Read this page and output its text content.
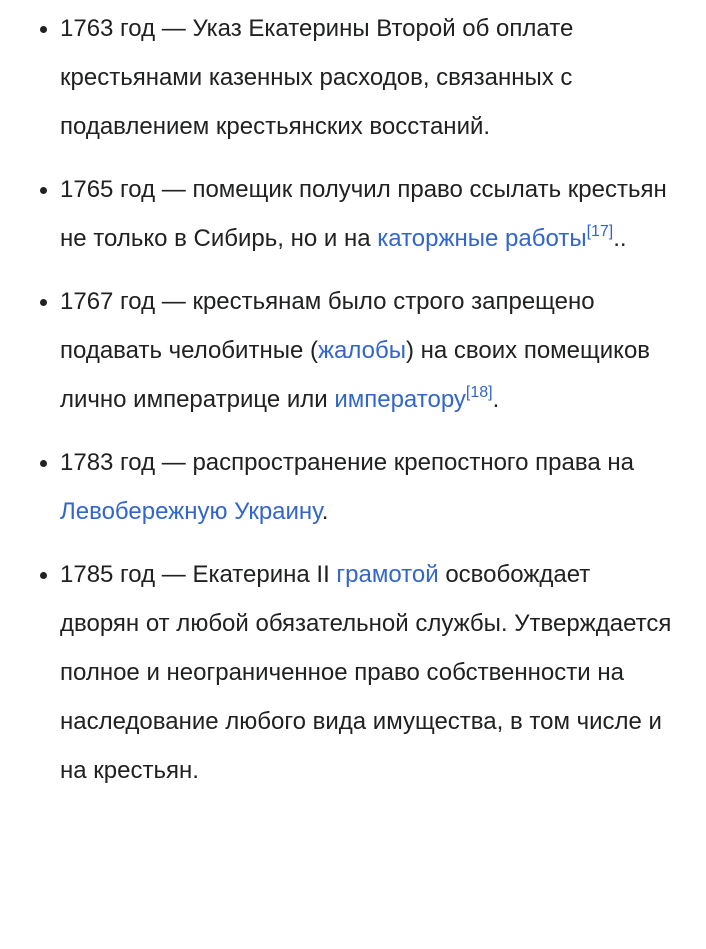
• 1763 год — Указ Екатерины Второй об оплате крестьянами казенных расходов, связанных с подавлением крестьянских восстаний.
• 1765 год — помещик получил право ссылать крестьян не только в Сибирь, но и на каторжные работы[17]..
• 1767 год — крестьянам было строго запрещено подавать челобитные (жалобы) на своих помещиков лично императрице или императору[18].
• 1783 год — распространение крепостного права на Левобережную Украину.
• 1785 год — Екатерина II грамотой освобождает дворян от любой обязательной службы. Утверждается полное и неограниченное право собственности на наследование любого вида имущества, в том числе и на крестьян.
